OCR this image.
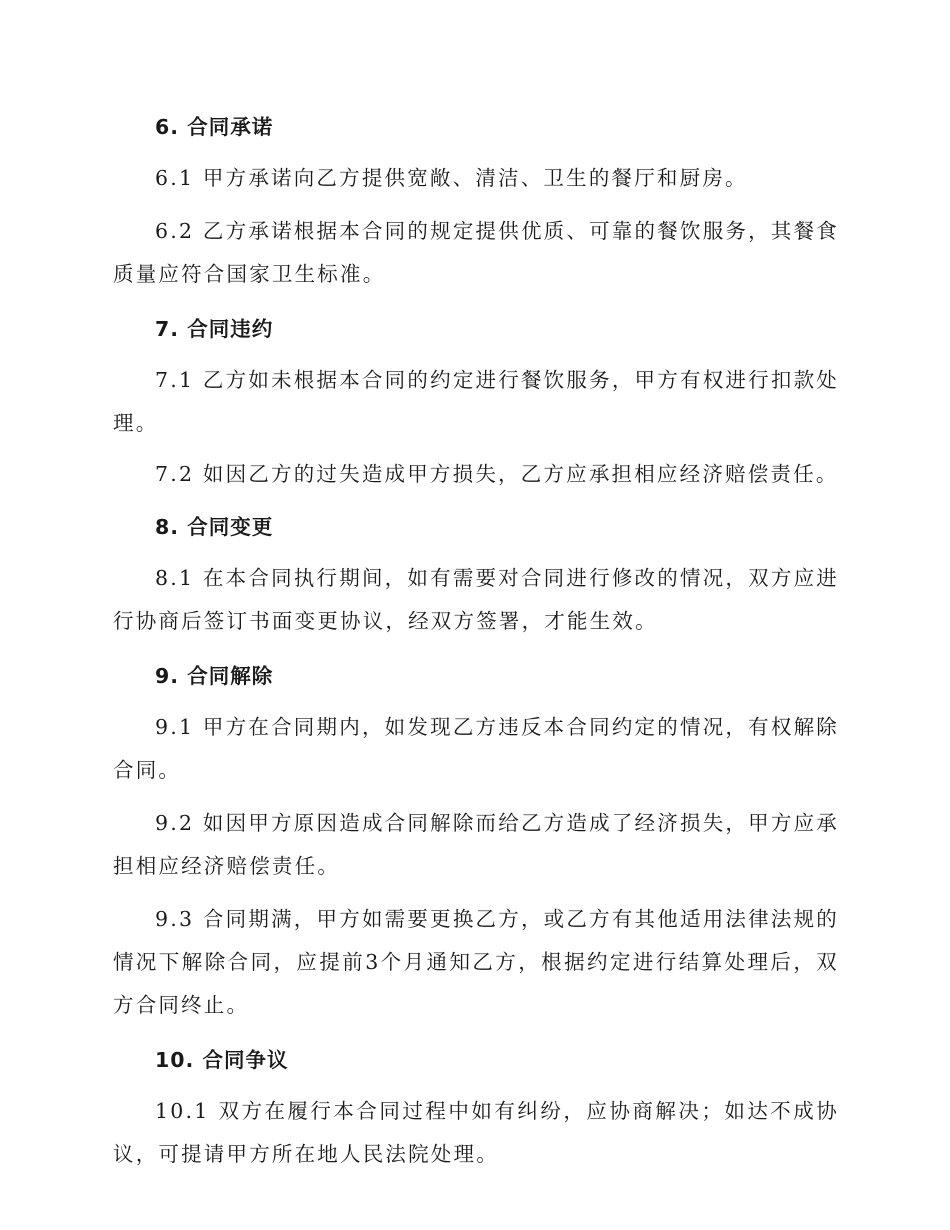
6. 合同承诺

6.1 甲方承诺向乙方提供宽敞、清洁、卫生的餐厅和厨房。

6.2 乙方承诺根据本合同的规定提供优质、可靠的餐饮服务，其餐食质量应符合国家卫生标准。

7. 合同违约

7.1 乙方如未根据本合同的约定进行餐饮服务，甲方有权进行扣款处理。

7.2 如因乙方的过失造成甲方损失，乙方应承担相应经济赔偿责任。

8. 合同变更

8.1 在本合同执行期间，如有需要对合同进行修改的情况，双方应进行协商后签订书面变更协议，经双方签署，才能生效。

9. 合同解除

9.1 甲方在合同期内，如发现乙方违反本合同约定的情况，有权解除合同。

9.2 如因甲方原因造成合同解除而给乙方造成了经济损失，甲方应承担相应经济赔偿责任。

9.3 合同期满，甲方如需要更换乙方，或乙方有其他适用法律法规的情况下解除合同，应提前3个月通知乙方，根据约定进行结算处理后，双方合同终止。

10. 合同争议

10.1 双方在履行本合同过程中如有纠纷，应协商解决；如达不成协议，可提请甲方所在地人民法院处理。
